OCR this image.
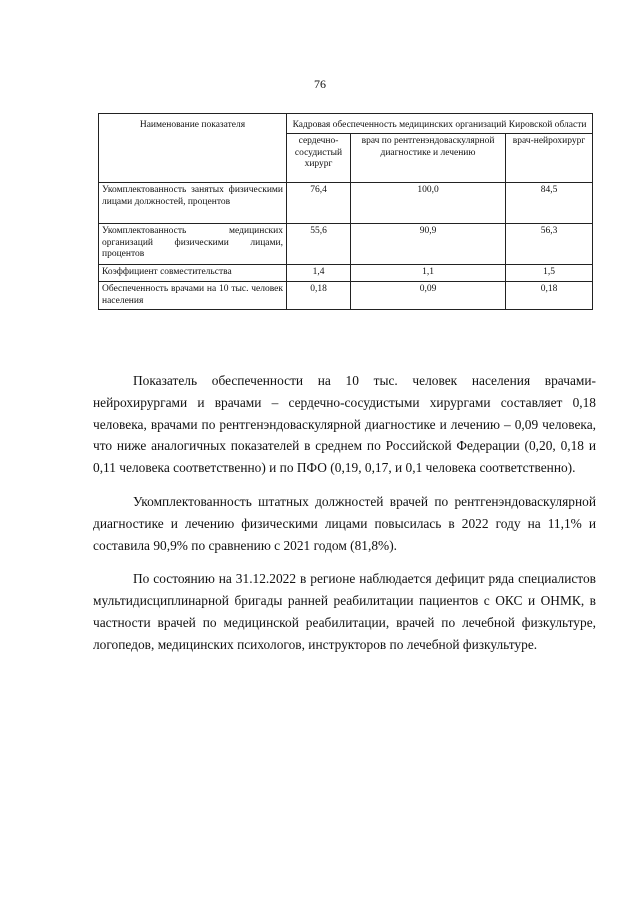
76
Наименование показателя	Кадровая обеспеченность медицинских организаций Кировской области		
	сердечно-сосудистый хирург	врач по рентгенэндоваскулярной диагностике и лечению	врач-нейрохирург
Укомплектованность занятых физическими лицами должностей, процентов	76,4	100,0	84,5
Укомплектованность медицинских организаций физическими лицами, процентов	55,6	90,9	56,3
Коэффициент совместительства	1,4	1,1	1,5
Обеспеченность врачами на 10 тыс. человек населения	0,18	0,09	0,18

Показатель обеспеченности на 10 тыс. человек населения врачами-нейрохирургами и врачами – сердечно-сосудистыми хирургами составляет 0,18 человека, врачами по рентгенэндоваскулярной диагностике и лечению – 0,09 человека, что ниже аналогичных показателей в среднем по Российской Федерации (0,20, 0,18 и 0,11 человека соответственно) и по ПФО (0,19, 0,17, и 0,1 человека соответственно).

Укомплектованность штатных должностей врачей по рентгенэндоваскулярной диагностике и лечению физическими лицами повысилась в 2022 году на 11,1% и составила 90,9% по сравнению с 2021 годом (81,8%).

По состоянию на 31.12.2022 в регионе наблюдается дефицит ряда специалистов мультидисциплинарной бригады ранней реабилитации пациентов с ОКС и ОНМК, в частности врачей по медицинской реабилитации, врачей по лечебной физкультуре, логопедов, медицинских психологов, инструкторов по лечебной физкультуре.
